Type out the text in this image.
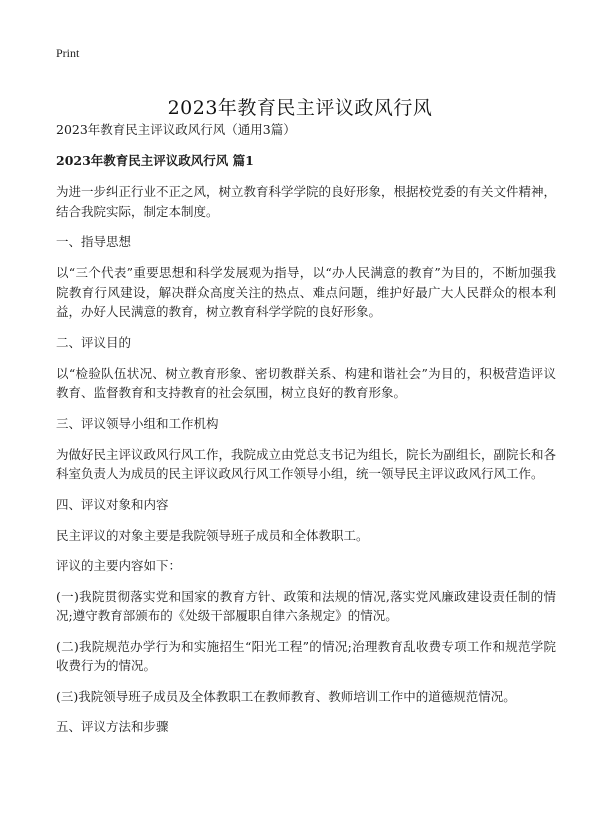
Print
2023年教育民主评议政风行风

2023年教育民主评议政风行风（通用3篇）

2023年教育民主评议政风行风 篇1

为进一步纠正行业不正之风，树立教育科学学院的良好形象，根据校党委的有关文件精神，结合我院实际，制定本制度。

一、指导思想

以“三个代表”重要思想和科学发展观为指导，以“办人民满意的教育”为目的，不断加强我院教育行风建设，解决群众高度关注的热点、难点问题，维护好最广大人民群众的根本利益，办好人民满意的教育，树立教育科学学院的良好形象。

二、评议目的

以“检验队伍状况、树立教育形象、密切教群关系、构建和谐社会”为目的，积极营造评议教育、监督教育和支持教育的社会氛围，树立良好的教育形象。

三、评议领导小组和工作机构

为做好民主评议政风行风工作，我院成立由党总支书记为组长，院长为副组长，副院长和各科室负责人为成员的民主评议政风行风工作领导小组，统一领导民主评议政风行风工作。

四、评议对象和内容

民主评议的对象主要是我院领导班子成员和全体教职工。

评议的主要内容如下：

(一)我院贯彻落实党和国家的教育方针、政策和法规的情况,落实党风廉政建设责任制的情况;遵守教育部颁布的《处级干部履职自律六条规定》的情况。

(二)我院规范办学行为和实施招生“阳光工程”的情况;治理教育乱收费专项工作和规范学院收费行为的情况。

(三)我院领导班子成员及全体教职工在教师教育、教师培训工作中的道德规范情况。

五、评议方法和步骤
